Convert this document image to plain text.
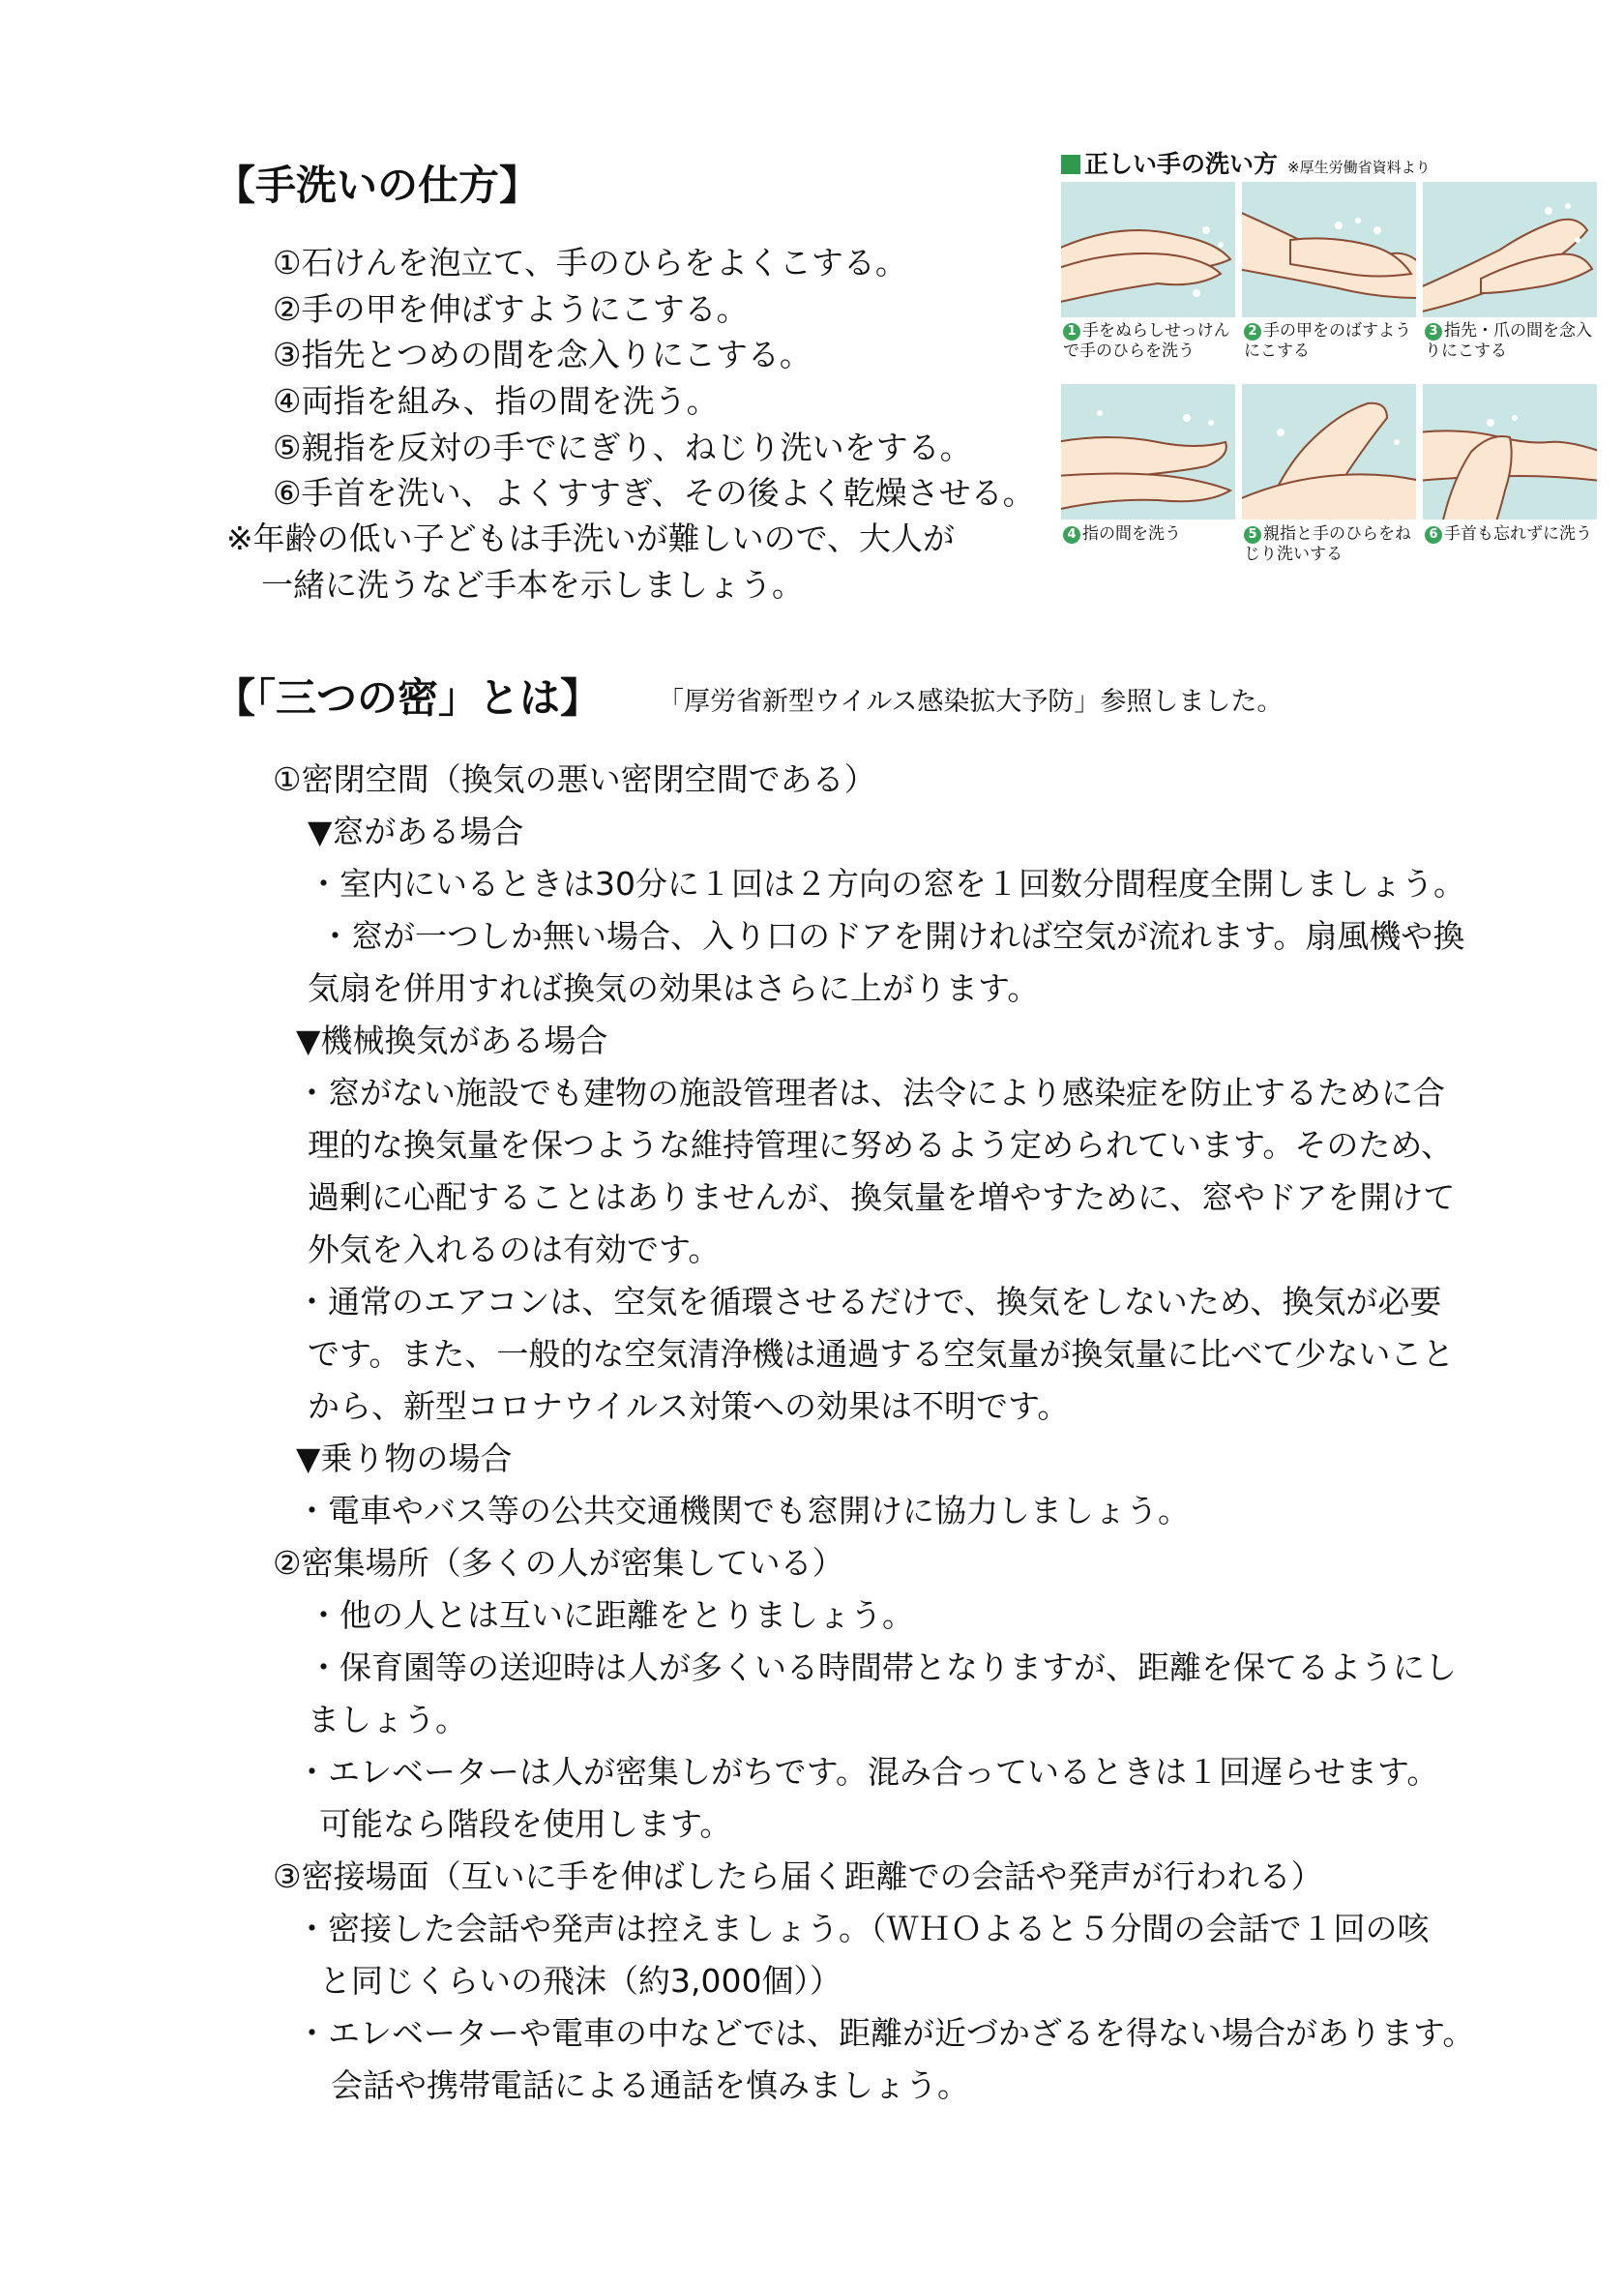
【手洗いの仕方】
①石けんを泡立て、手のひらをよくこする。
②手の甲を伸ばすようにこする。
③指先とつめの間を念入りにこする。
④両指を組み、指の間を洗う。
⑤親指を反対の手でにぎり、ねじり洗いをする。
⑥手首を洗い、よくすすぎ、その後よく乾燥させる。
※年齢の低い子どもは手洗いが難しいので、大人が
一緒に洗うなど手本を示しましょう。
正しい手の洗い方 ※厚生労働省資料より
1 手をぬらしせっけんで手のひらを洗う
2 手の甲をのばすようにこする
3 指先・爪の間を念入りにこする
4 指の間を洗う	5 親指と手のひらをねじり洗いする
6 手首も忘れずに洗う
【「三つの密」とは】 「厚労省新型ウイルス感染拡大予防」参照しました。
①密閉空間（換気の悪い密閉空間である）
▼窓がある場合
・室内にいるときは30分に１回は２方向の窓を１回数分間程度全開しましょう。
・窓が一つしか無い場合、入り口のドアを開ければ空気が流れます。扇風機や換
気扇を併用すれば換気の効果はさらに上がります。
▼機械換気がある場合
・窓がない施設でも建物の施設管理者は、法令により感染症を防止するために合
理的な換気量を保つような維持管理に努めるよう定められています。そのため、
過剰に心配することはありませんが、換気量を増やすために、窓やドアを開けて
外気を入れるのは有効です。
・通常のエアコンは、空気を循環させるだけで、換気をしないため、換気が必要
です。また、一般的な空気清浄機は通過する空気量が換気量に比べて少ないこと
から、新型コロナウイルス対策への効果は不明です。
▼乗り物の場合
・電車やバス等の公共交通機関でも窓開けに協力しましょう。
②密集場所（多くの人が密集している）
・他の人とは互いに距離をとりましょう。
・保育園等の送迎時は人が多くいる時間帯となりますが、距離を保てるようにし
ましょう。
・エレベーターは人が密集しがちです。混み合っているときは１回遅らせます。
可能なら階段を使用します。
③密接場面（互いに手を伸ばしたら届く距離での会話や発声が行われる）
・密接した会話や発声は控えましょう。（ＷＨＯよると５分間の会話で１回の咳
と同じくらいの飛沫（約3,000個））
・エレベーターや電車の中などでは、距離が近づかざるを得ない場合があります。
会話や携帯電話による通話を慎みましょう。
